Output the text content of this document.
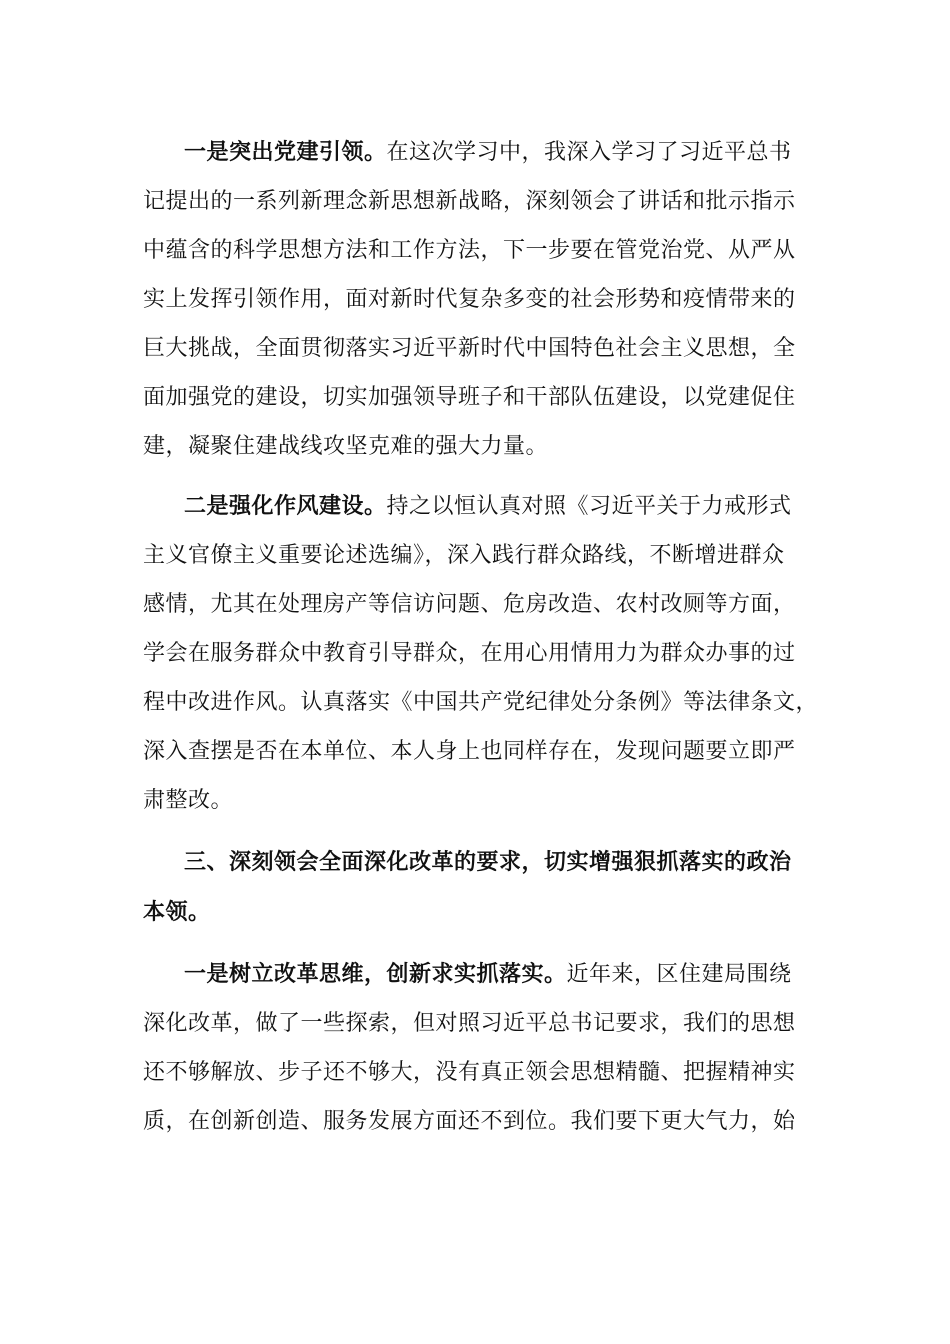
一是突出党建引领。在这次学习中，我深入学习了习近平总书
记提出的一系列新理念新思想新战略，深刻领会了讲话和批示指示
中蕴含的科学思想方法和工作方法，下一步要在管党治党、从严从
实上发挥引领作用，面对新时代复杂多变的社会形势和疫情带来的
巨大挑战，全面贯彻落实习近平新时代中国特色社会主义思想，全
面加强党的建设，切实加强领导班子和干部队伍建设，以党建促住
建，凝聚住建战线攻坚克难的强大力量。
二是强化作风建设。持之以恒认真对照《习近平关于力戒形式
主义官僚主义重要论述选编》，深入践行群众路线，不断增进群众
感情，尤其在处理房产等信访问题、危房改造、农村改厕等方面，
学会在服务群众中教育引导群众，在用心用情用力为群众办事的过
程中改进作风。认真落实《中国共产党纪律处分条例》等法律条文，
深入查摆是否在本单位、本人身上也同样存在，发现问题要立即严
肃整改。
三、深刻领会全面深化改革的要求，切实增强狠抓落实的政治
本领。
一是树立改革思维，创新求实抓落实。近年来，区住建局围绕
深化改革，做了一些探索，但对照习近平总书记要求，我们的思想
还不够解放、步子还不够大，没有真正领会思想精髓、把握精神实
质，在创新创造、服务发展方面还不到位。我们要下更大气力，始
